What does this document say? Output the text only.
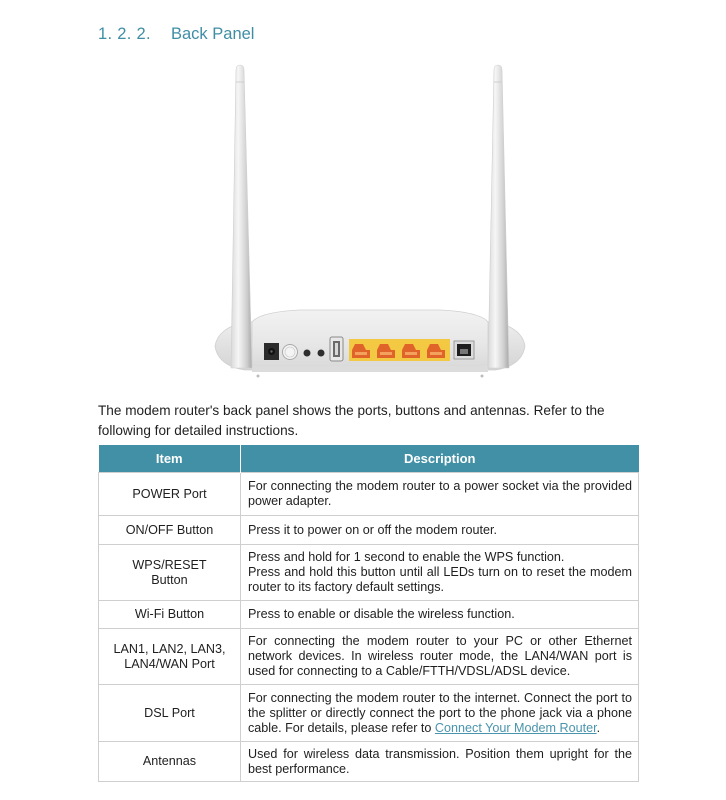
1. 2. 2.	Back Panel

The modem router's back panel shows the ports, buttons and antennas. Refer to the following for detailed instructions.

Item	Description
POWER Port	For connecting the modem router to a power socket via the provided power adapter.
ON/OFF Button	Press it to power on or off the modem router.
WPS/RESET Button	Press and hold for 1 second to enable the WPS function.
Press and hold this button until all LEDs turn on to reset the modem router to its factory default settings.

Wi-Fi Button	Press to enable or disable the wireless function.
LAN1, LAN2, LAN3, LAN4/WAN Port	For connecting the modem router to your PC or other Ethernet network devices. In wireless router mode, the LAN4/WAN port is used for connecting to a Cable/FTTH/VDSL/ADSL device.
DSL Port	For connecting the modem router to the internet. Connect the port to the splitter or directly connect the port to the phone jack via a phone cable. For details, please refer to Connect Your Modem Router.
Antennas	Used for wireless data transmission. Position them upright for the best performance.
